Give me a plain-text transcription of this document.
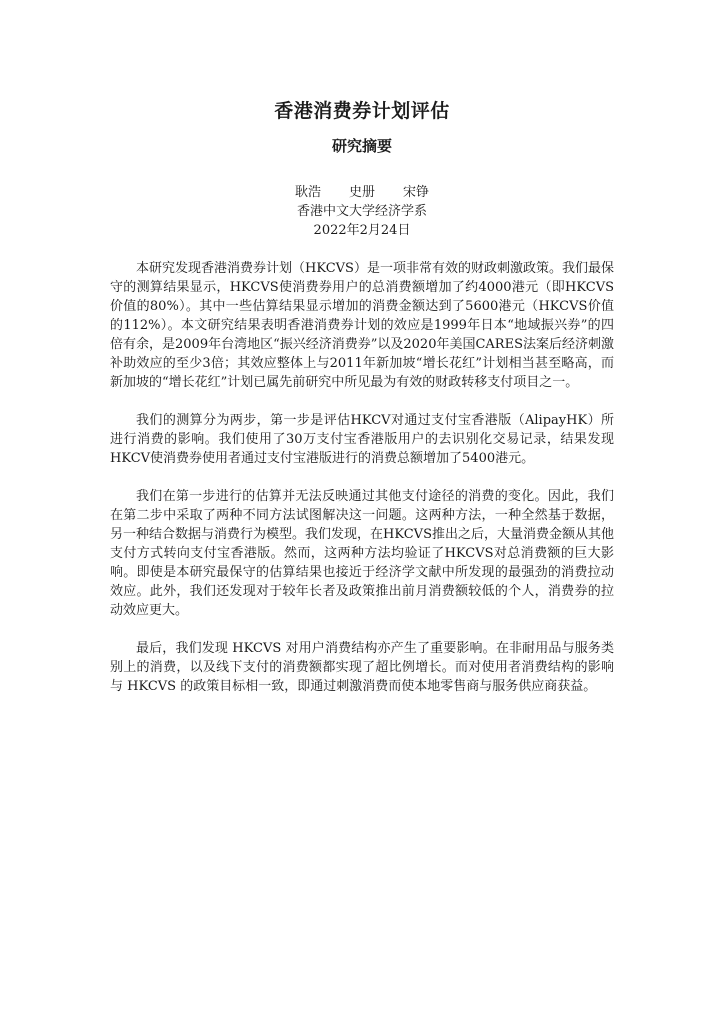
香港消费券计划评估
研究摘要
耿浩 史册 宋铮
香港中文大学经济学系
2022年2月24日

本研究发现香港消费券计划（HKCVS）是一项非常有效的财政刺激政策。我们最保守的测算结果显示，HKCVS使消费券用户的总消费额增加了约4000港元（即HKCVS价值的80%）。其中一些估算结果显示增加的消费金额达到了5600港元（HKCVS价值的112%）。本文研究结果表明香港消费券计划的效应是1999年日本“地域振兴券”的四倍有余，是2009年台湾地区“振兴经济消费券”以及2020年美国CARES法案后经济刺激补助效应的至少3倍；其效应整体上与2011年新加坡“增长花红”计划相当甚至略高，而新加坡的“增长花红”计划已属先前研究中所见最为有效的财政转移支付项目之一。

我们的测算分为两步，第一步是评估HKCV对通过支付宝香港版（AlipayHK）所进行消费的影响。我们使用了30万支付宝香港版用户的去识别化交易记录，结果发现HKCV使消费券使用者通过支付宝港版进行的消费总额增加了5400港元。

我们在第一步进行的估算并无法反映通过其他支付途径的消费的变化。因此，我们在第二步中采取了两种不同方法试图解决这一问题。这两种方法，一种全然基于数据，另一种结合数据与消费行为模型。我们发现，在HKCVS推出之后，大量消费金额从其他支付方式转向支付宝香港版。然而，这两种方法均验证了HKCVS对总消费额的巨大影响。即使是本研究最保守的估算结果也接近于经济学文献中所发现的最强劲的消费拉动效应。此外，我们还发现对于较年长者及政策推出前月消费额较低的个人，消费券的拉动效应更大。

最后，我们发现 HKCVS 对用户消费结构亦产生了重要影响。在非耐用品与服务类别上的消费，以及线下支付的消费额都实现了超比例增长。而对使用者消费结构的影响与 HKCVS 的政策目标相一致，即通过刺激消费而使本地零售商与服务供应商获益。
